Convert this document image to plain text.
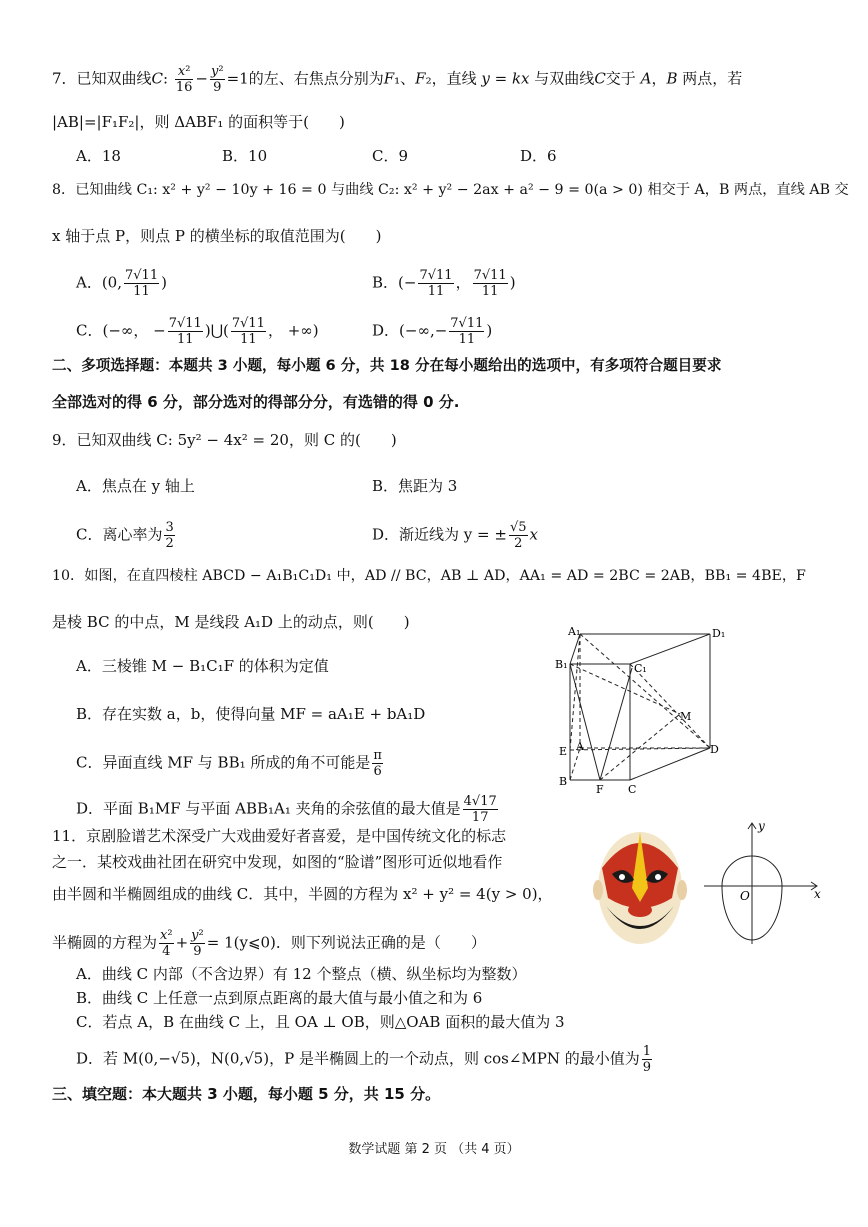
7．已知双曲线C: $\frac{\text{x²}}{16} - \frac{\text{y²}}{9} =1$的左、右焦点分别为F₁、F₂，直线 y = kx 与双曲线C交于 A，B 两点，若
|AB|=|F₁F₂|，则 ΔABF₁ 的面积等于(　　)
A．18	B．10	C．9	D．6
8．已知曲线 C₁: x² + y² − 10y + 16 = 0 与曲线 C₂: x² + y² − 2ax + a² − 9 = 0(a > 0) 相交于 A，B 两点，直线 AB 交
x 轴于点 P，则点 P 的横坐标的取值范围为(　　)
A．(0, $\frac{7√11}{11}$ )	B．(− $\frac{7√11}{11}$ ， $\frac{7√11}{11}$ )
C．(−∞， − $\frac{7√11}{11}$ )⋃( $\frac{7√11}{11}$ ， +∞)	D．(−∞,− $\frac{7√11}{11}$ )
二、多项选择题：本题共 3 小题，每小题 6 分，共 18 分在每小题给出的选项中，有多项符合题目要求
全部选对的得 6 分，部分选对的得部分分，有选错的得 0 分.
9．已知双曲线 C: 5y² − 4x² = 20，则 C 的(　　)
A．焦点在 y 轴上	B．焦距为 3
C．离心率为 $\frac{3}{2}$	D．渐近线为 y = ± $\frac{√5}{2}$ x
10．如图，在直四棱柱 ABCD − A₁B₁C₁D₁ 中，AD // BC，AB ⊥ AD，AA₁ = AD = 2BC = 2AB，BB₁ = 4BE，F
是棱 BC 的中点，M 是线段 A₁D 上的动点，则(　　)
A．三棱锥 M − B₁C₁F 的体积为定值
B．存在实数 a，b，使得向量 MF = aA₁E + bA₁D
C．异面直线 MF 与 BB₁ 所成的角不可能是 $\frac{\pi}{6}$
D．平面 B₁MF 与平面 ABB₁A₁ 夹角的余弦值的最大值是 $\frac{4√17}{17}$
A₁	D₁
B₁	C₁
M
E A	D
B
F C
11．京剧脸谱艺术深受广大戏曲爱好者喜爱，是中国传统文化的标志
之一．某校戏曲社团在研究中发现，如图的“脸谱”图形可近似地看作
由半圆和半椭圆组成的曲线 C．其中，半圆的方程为 x² + y² = 4(y > 0)，
半椭圆的方程为 $\frac{\text{x²}}{4} + \frac{\text{y²}}{9}$ = 1(y⩽0)．则下列说法正确的是（　　）
A．曲线 C 内部（不含边界）有 12 个整点（横、纵坐标均为整数）
B．曲线 C 上任意一点到原点距离的最大值与最小值之和为 6
C．若点 A，B 在曲线 C 上，且 OA ⊥ OB，则△OAB 面积的最大值为 3
D．若 M(0,−√5)，N(0,√5)，P 是半椭圆上的一个动点，则 cos∠MPN 的最小值为 $\frac{1}{9}$
y
x
O
三、填空题：本大题共 3 小题，每小题 5 分，共 15 分。
数学试题 第 2 页 （共 4 页）
